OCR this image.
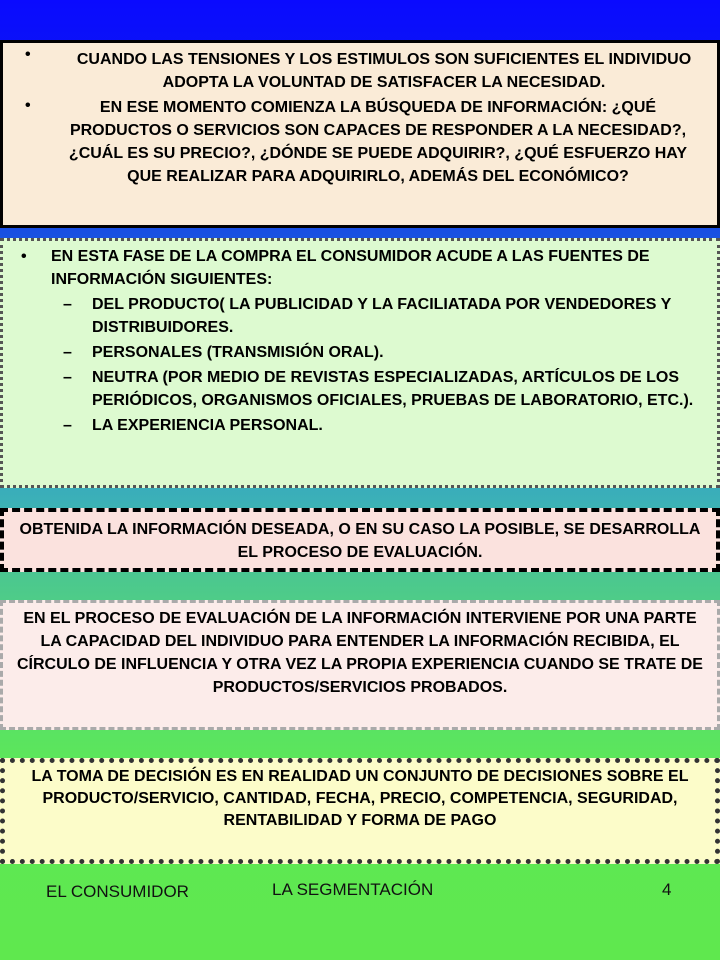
•	CUANDO LAS TENSIONES Y LOS ESTIMULOS SON SUFICIENTES EL INDIVIDUO ADOPTA LA VOLUNTAD DE SATISFACER LA NECESIDAD.
•	EN ESE MOMENTO COMIENZA LA BÚSQUEDA DE INFORMACIÓN: ¿QUÉ PRODUCTOS O SERVICIOS SON CAPACES DE RESPONDER A LA NECESIDAD?, ¿CUÁL ES SU PRECIO?, ¿DÓNDE SE PUEDE ADQUIRIR?, ¿QUÉ ESFUERZO HAY QUE REALIZAR PARA ADQUIRIRLO, ADEMÁS DEL ECONÓMICO?
• EN ESTA FASE DE LA COMPRA EL CONSUMIDOR ACUDE A LAS FUENTES DE INFORMACIÓN SIGUIENTES:
– DEL PRODUCTO( LA PUBLICIDAD Y LA FACILIATADA POR VENDEDORES Y DISTRIBUIDORES.
– PERSONALES (TRANSMISIÓN ORAL).
– NEUTRA (POR MEDIO DE REVISTAS ESPECIALIZADAS, ARTÍCULOS DE LOS PERIÓDICOS, ORGANISMOS OFICIALES, PRUEBAS DE LABORATORIO, ETC.).
– LA EXPERIENCIA PERSONAL.
OBTENIDA LA INFORMACIÓN DESEADA, O EN SU CASO LA POSIBLE, SE DESARROLLA EL PROCESO DE EVALUACIÓN.
EN EL PROCESO DE EVALUACIÓN DE LA INFORMACIÓN INTERVIENE POR UNA PARTE LA CAPACIDAD DEL INDIVIDUO PARA ENTENDER LA INFORMACIÓN RECIBIDA, EL CÍRCULO DE INFLUENCIA Y OTRA VEZ LA PROPIA EXPERIENCIA CUANDO SE TRATE DE PRODUCTOS/SERVICIOS PROBADOS.
LA TOMA DE DECISIÓN ES EN REALIDAD UN CONJUNTO DE DECISIONES SOBRE EL PRODUCTO/SERVICIO, CANTIDAD, FECHA, PRECIO, COMPETENCIA, SEGURIDAD, RENTABILIDAD Y FORMA DE PAGO
EL CONSUMIDOR	LA SEGMENTACIÓN	4
